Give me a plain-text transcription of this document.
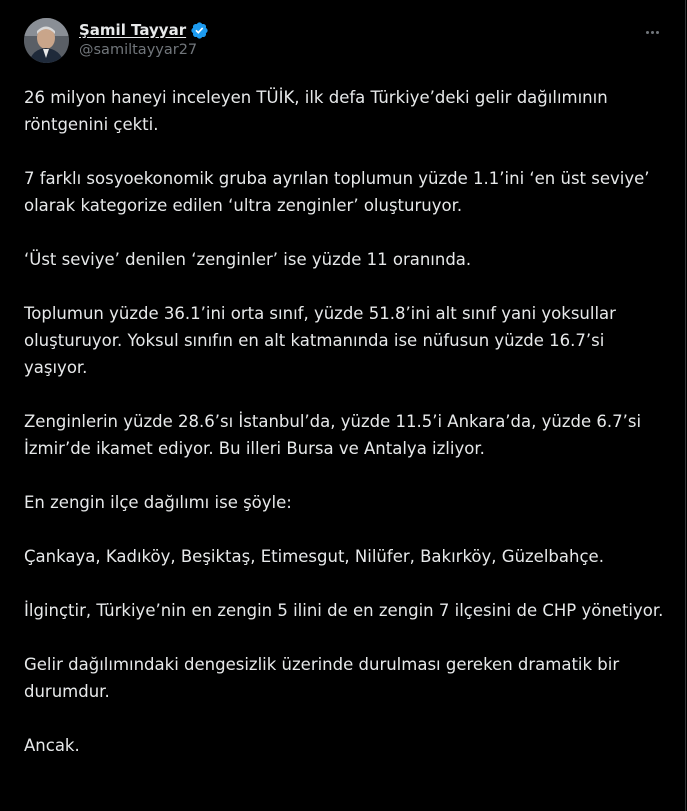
Şamil Tayyar
@samiltayyar27

26 milyon haneyi inceleyen TÜİK, ilk defa Türkiye’deki gelir dağılımının röntgenini çekti.

7 farklı sosyoekonomik gruba ayrılan toplumun yüzde 1.1’ini ‘en üst seviye’ olarak kategorize edilen ‘ultra zenginler’ oluşturuyor.

‘Üst seviye’ denilen ‘zenginler’ ise yüzde 11 oranında.

Toplumun yüzde 36.1’ini orta sınıf, yüzde 51.8’ini alt sınıf yani yoksullar oluşturuyor. Yoksul sınıfın en alt katmanında ise nüfusun yüzde 16.7’si yaşıyor.

Zenginlerin yüzde 28.6’sı İstanbul’da, yüzde 11.5’i Ankara’da, yüzde 6.7’si İzmir’de ikamet ediyor. Bu illeri Bursa ve Antalya izliyor.

En zengin ilçe dağılımı ise şöyle:

Çankaya, Kadıköy, Beşiktaş, Etimesgut, Nilüfer, Bakırköy, Güzelbahçe.

İlginçtir, Türkiye’nin en zengin 5 ilini de en zengin 7 ilçesini de CHP yönetiyor.

Gelir dağılımındaki dengesizlik üzerinde durulması gereken dramatik bir durumdur.

Ancak.
